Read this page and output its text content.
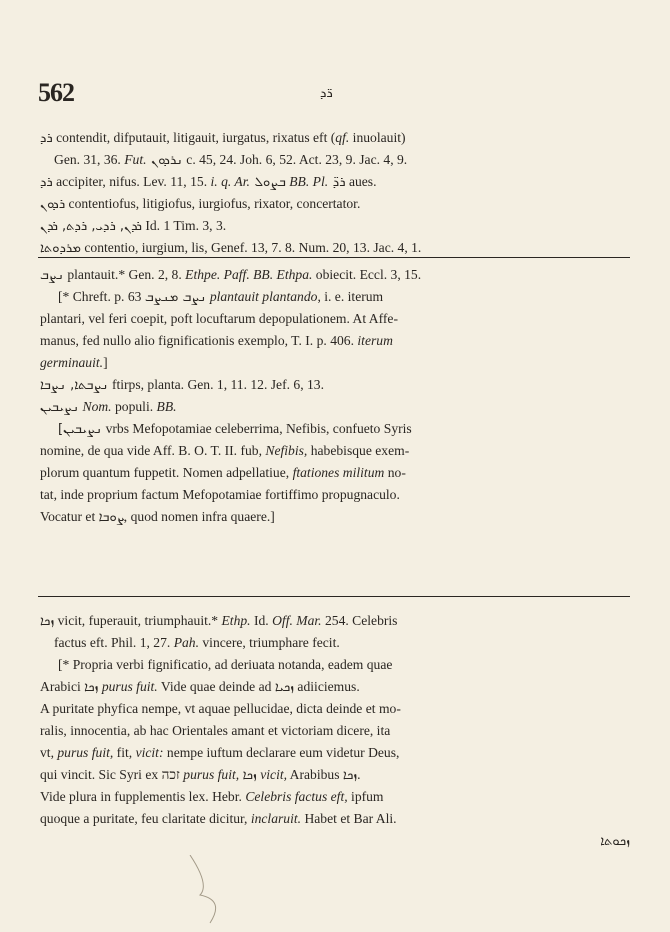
562	ܪ̈ܕ
ܪܕ contendit, difputauit, litigauit, iurgatus, rixatus eft (qf. inuolauit)
Gen. 31, 36. Fut. ܢܪܕܘܢ c. 45, 24. Joh. 6, 52. Act. 23, 9. Jac. 4, 9.
ܪܕ accipiter, nifus. Lev. 11, 15. i. q. Ar. ܒܨܘܠ BB. Pl. ܪܕ̈ aues.
ܪܕܘܢ contentiofus, litigiofus, iurgiofus, rixator, concertator.
ܪܕܢ, ܪܕܝ, ܪܕܬ, ܪܕܢ Id. 1 Tim. 3, 3.
ܡܪܕܘܬܐ contentio, iurgium, lis, Genef. 13, 7. 8. Num. 20, 13. Jac. 4, 1.
ܢܨܒ plantauit.* Gen. 2, 8. Ethpe. Paff. BB. Ethpa. obiecit. Eccl. 3, 15.
[* Chreft. p. 63 ܢܨܒ ܡܢܨܒ plantauit plantando, i. e. iterum
plantari, vel feri coepit, poft locuftarum depopulationem. At Affe-
manus, fed nullo alio fignificationis exemplo, T. I. p. 406. iterum
germinauit.]
ܢܨܒܬܐ, ܢܨܒܐ ftirps, planta. Gen. 1, 11. 12. Jef. 6, 13.
ܢܨܝܒܝܢ Nom. populi. BB.
[ܢܨܝܒܝܢ vrbs Mefopotamiae celeberrima, Nefibis, confueto Syris
nomine, de qua vide Aff. B. O. T. II. fub, Nefibis, habebisque exem-
plorum quantum fuppetit. Nomen adpellatiue, ftationes militum no-
tat, inde proprium factum Mefopotamiae fortiffimo propugnaculo.
Vocatur et ܨܘܒܐ, quod nomen infra quaere.]
ܙܟܐ vicit, fuperauit, triumphauit.* Ethp. Id. Off. Mar. 254. Celebris
factus eft. Phil. 1, 27. Pah. vincere, triumphare fecit.
[* Propria verbi fignificatio, ad deriuata notanda, eadem quae
Arabici ܙܟܐ purus fuit. Vide quae deinde ad ܙܟܝܐ adiiciemus.
A puritate phyfica nempe, vt aquae pellucidae, dicta deinde et mo-
ralis, innocentia, ab hac Orientales amant et victoriam dicere, ita
vt, purus fuit, fit, vicit: nempe iuftum declarare eum videtur Deus,
qui vincit. Sic Syri ex זכה purus fuit, ܙܟܐ vicit, Arabibus ܙܟܐ.
Vide plura in fupplementis lex. Hebr. Celebris factus eft, ipfum
quoque a puritate, feu claritate dicitur, inclaruit. Habet et Bar Ali.
ܙܟܘܬܐ
